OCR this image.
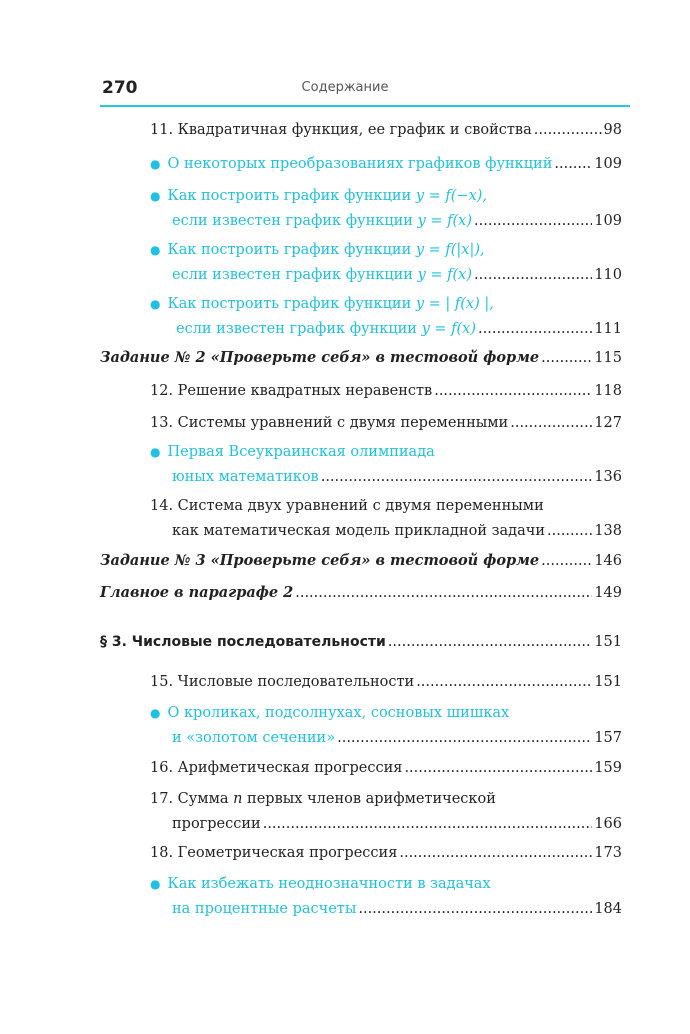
270	Содержание
11. Квадратичная функция, ее график и свойства .....	98
● О некоторых преобразованиях графиков функций .....	109
● Как построить график функции y = f(−x),
если известен график функции y = f(x) .....	109
● Как построить график функции y = f(|x|),
если известен график функции y = f(x) .....	110
● Как построить график функции y = | f(x) |,
если известен график функции y = f(x) .....	111
Задание № 2 «Проверьте себя» в тестовой форме .....	115
12. Решение квадратных неравенств .....	118
13. Системы уравнений с двумя переменными .....	127
● Первая Всеукраинская олимпиада
юных математиков .....	136
14. Система двух уравнений с двумя переменными
как математическая модель прикладной задачи .....	138
Задание № 3 «Проверьте себя» в тестовой форме .....	146
Главное в параграфе 2 .....	149
§ 3. Числовые последовательности .....	151
15. Числовые последовательности .....	151
● О кроликах, подсолнухах, сосновых шишках
и «золотом сечении» .....	157
16. Арифметическая прогрессия .....	159
17. Сумма n первых членов арифметической
прогрессии .....	166
18. Геометрическая прогрессия .....	173
● Как избежать неоднозначности в задачах
на процентные расчеты .....	184
